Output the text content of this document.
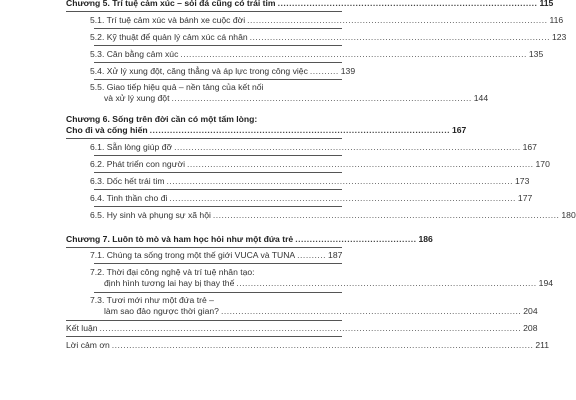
Chương 5. Trí tuệ cảm xúc – sỏi đá cũng có trái tim .......................................................................................... 115
5.1. Trí tuệ cảm xúc và bánh xe cuộc đời ........................................................................................................ 116
5.2. Kỹ thuật để quản lý cảm xúc cá nhân ........................................................................................................ 123
5.3. Cân bằng cảm xúc ........................................................................................................................ 135
5.4. Xử lý xung đột, căng thẳng và áp lực trong công việc .......... 139
5.5. Giao tiếp hiệu quả – nền tảng của kết nối
và xử lý xung đột ........................................................................................................ 144
Chương 6. Sống trên đời cần có một tấm lòng:
Cho đi và cống hiến ........................................................................................................ 167
6.1. Sẵn lòng giúp đỡ ........................................................................................................................ 167
6.2. Phát triển con người ........................................................................................................................ 170
6.3. Dốc hết trái tim ........................................................................................................................ 173
6.4. Tinh thần cho đi ........................................................................................................................ 177
6.5. Hy sinh và phụng sự xã hội ........................................................................................................................ 180
Chương 7. Luôn tò mò và ham học hỏi như một đứa trẻ .......................................... 186
7.1. Chúng ta sống trong một thế giới VUCA và TUNA .......... 187
7.2. Thời đại công nghệ và trí tuệ nhân tạo:
định hình tương lai hay bị thay thế ........................................................................................................ 194
7.3. Tươi mới như một đứa trẻ –
làm sao đảo ngược thời gian? ........................................................................................................ 204
Kết luận .................................................................................................................................................. 208
Lời cảm ơn .................................................................................................................................................. 211
